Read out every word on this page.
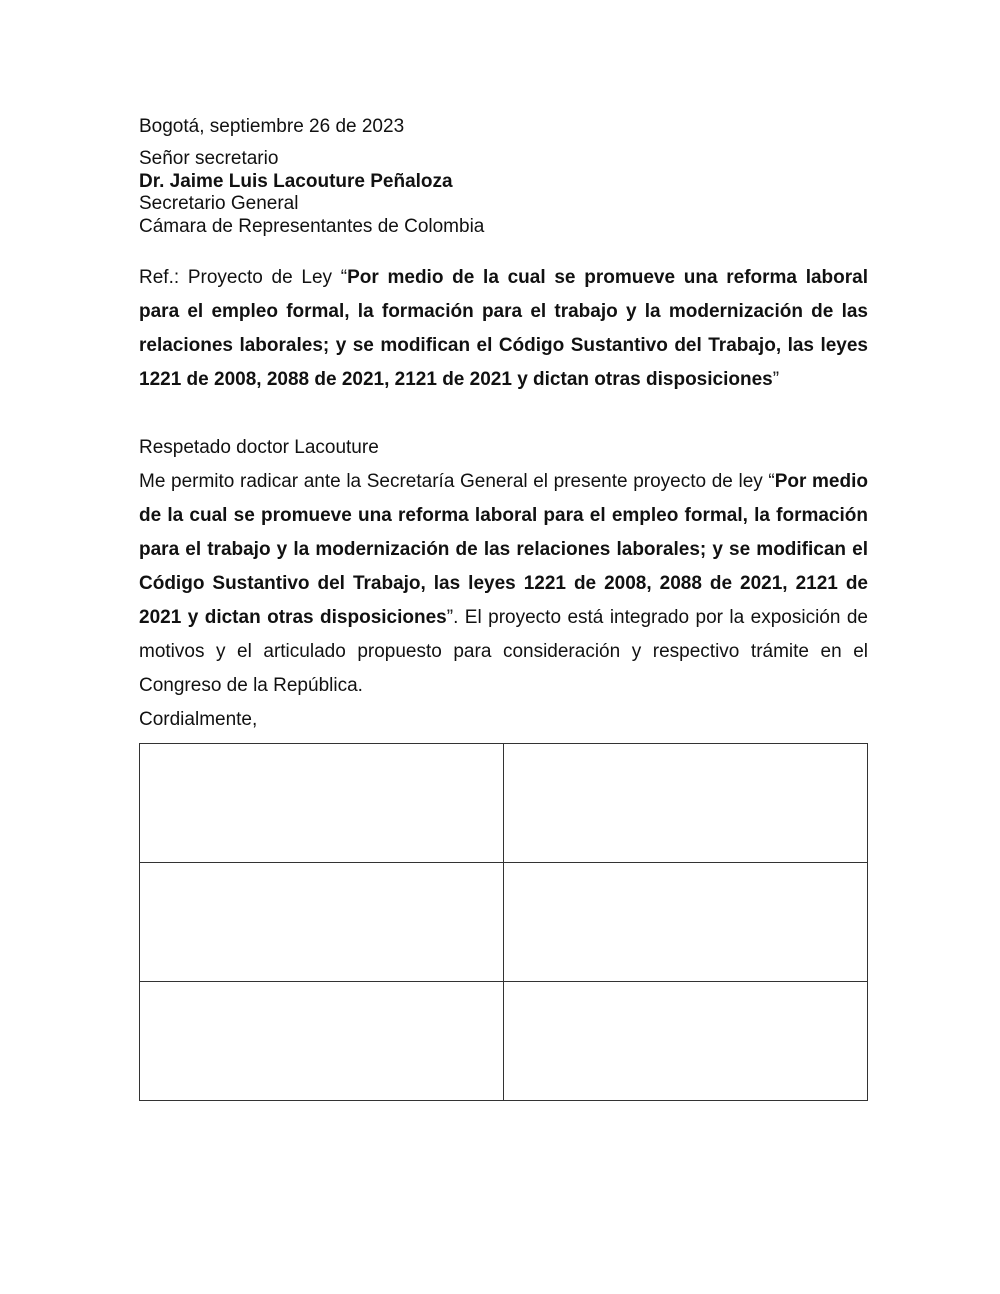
Bogotá, septiembre 26 de 2023

Señor secretario
Dr. Jaime Luis Lacouture Peñaloza
Secretario General
Cámara de Representantes de Colombia
Ref.: Proyecto de Ley “Por medio de la cual se promueve una reforma laboral para el empleo formal, la formación para el trabajo y la modernización de las relaciones laborales; y se modifican el Código Sustantivo del Trabajo, las leyes 1221 de 2008, 2088 de 2021, 2121 de 2021 y dictan otras disposiciones”
Respetado doctor Lacouture
Me permito radicar ante la Secretaría General el presente proyecto de ley “Por medio de la cual se promueve una reforma laboral para el empleo formal, la formación para el trabajo y la modernización de las relaciones laborales; y se modifican el Código Sustantivo del Trabajo, las leyes 1221 de 2008, 2088 de 2021, 2121 de 2021 y dictan otras disposiciones”. El proyecto está integrado por la exposición de motivos y el articulado propuesto para consideración y respectivo trámite en el Congreso de la República.
Cordialmente,
